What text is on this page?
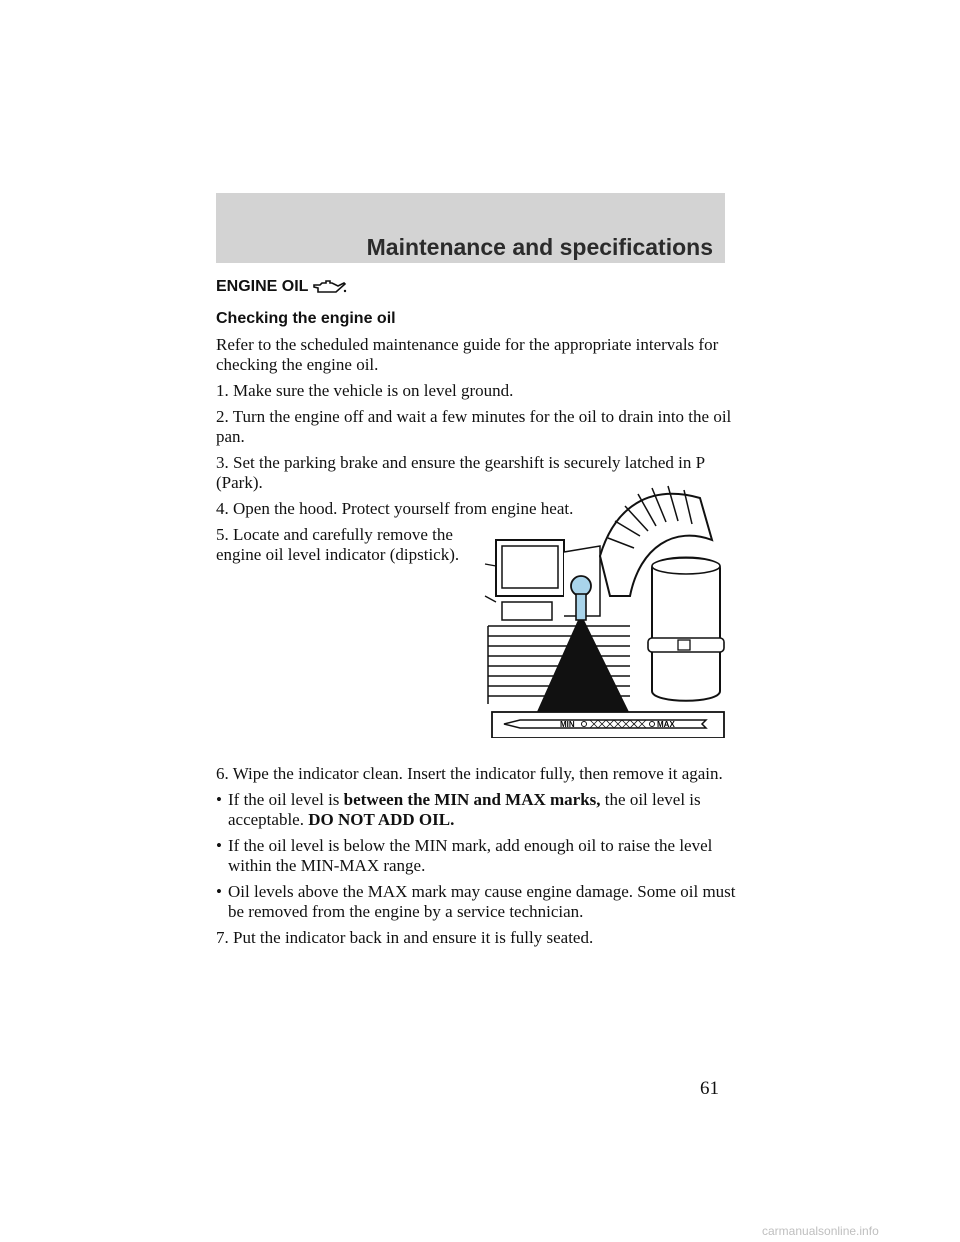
Maintenance and specifications
ENGINE OIL
Checking the engine oil

Refer to the scheduled maintenance guide for the appropriate intervals for checking the engine oil.

1. Make sure the vehicle is on level ground.

2. Turn the engine off and wait a few minutes for the oil to drain into the oil pan.

3. Set the parking brake and ensure the gearshift is securely latched in P (Park).

4. Open the hood. Protect yourself from engine heat.

5. Locate and carefully remove the engine oil level indicator (dipstick).

MIN	MAX

6. Wipe the indicator clean. Insert the indicator fully, then remove it again.

• If the oil level is between the MIN and MAX marks, the oil level is acceptable. DO NOT ADD OIL.
• If the oil level is below the MIN mark, add enough oil to raise the level within the MIN-MAX range.
• Oil levels above the MAX mark may cause engine damage. Some oil must be removed from the engine by a service technician.

7. Put the indicator back in and ensure it is fully seated.

61
carmanualsonline.info
